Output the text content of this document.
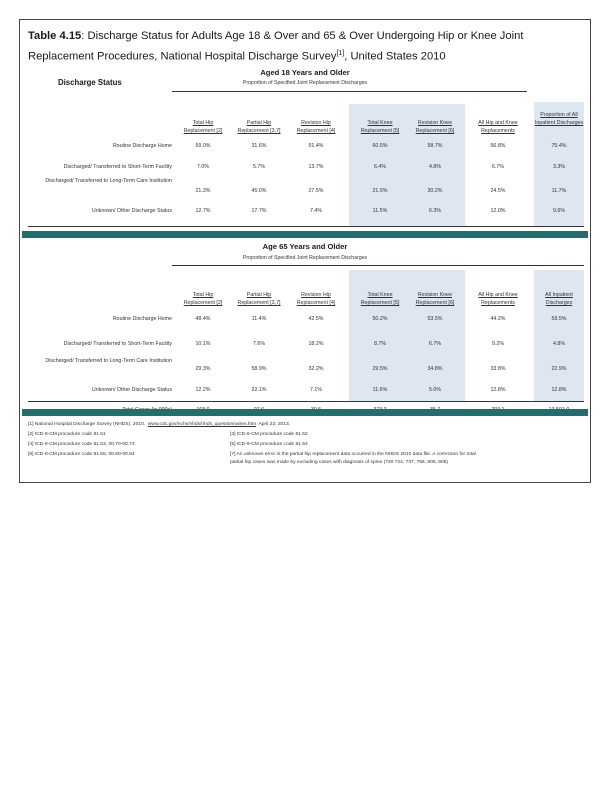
Table 4.15: Discharge Status for Adults Age 18 & Over and 65 & Over Undergoing Hip or Knee Joint Replacement Procedures, National Hospital Discharge Survey[1], United States 2010
Aged 18 Years and Older
Discharge Status	Proportion of Specified Joint Replacement Discharges
Total Hip Replacement [2]
Partial Hip Replacement [3,7]
Revision Hip Replacement [4]
Total Knee Replacement [5]
Revision Knee Replacement [6]
All Hip and Knee Replacements
Proportion of All Inpatient Discharges
Routine Discharge Home	59.0%	31.6%	51.4%	60.5%	58.7%	56.8%	75.4%
Discharged/ Transferred to Short-Term Facility	7.0%	5.7%	13.7%	6.4%	4.8%	6.7%	3.3%
Discharged/ Transferred to Long-Term Care Institution
21.3%	45.0%	27.5%	21.6%	30.2%	24.5%	11.7%
Unknown/ Other Discharge Status	12.7%	17.7%	7.4%	11.5%	6.3%	12.0%	9.6%
Age 65 Years and Older
Proportion of Specified Joint Replacement Discharges
Total Hip Replacement [2]
Partial Hip Replacement [3,7]
Revision Hip Replacement [4]
Total Knee Replacement [5]
Revision Knee Replacement [6]
All Hip and Knee Replacements
All Inpatient Discharges
Routine Discharge Home	48.4%	11.4%	42.5%	50.2%	53.5%	44.2%	59.5%
Discharged/ Transferred to Short-Term Facility	10.1%	7.6%	18.2%	8.7%	6.7%	9.2%	4.8%
Discharged/ Transferred to Long-Term Care Institution
29.3%	58.9%	32.2%	29.5%	34.8%	33.8%	22.9%
Unknown/ Other Discharge Status	12.2%	22.1%	7.1%	11.6%	5.0%	12.8%	12.8%
[1] National Hospital Discharge Survey (NHDS), 2010. www.cdc.gov/nchs/nhds/nhds_questionnaires.htm April 23, 2013.
[2] ICD-9-CM procedure code 81.51	[3] ICD-9-CM procedure code 81.52
[4] ICD-9-CM procedure code 81.53, 00.70-00.73	[5] ICD-9-CM procedure code 81.54
[6] ICD-9-CM procedure code 81.55, 00.80-00.84	[7] An unknown error in the partial hip replacement data occurred in the NHDS 2010 data file. A correction for total
partial hip cases was made by excluding cases with diagnosis of spine (720 724, 737, 756, 805, 806)
